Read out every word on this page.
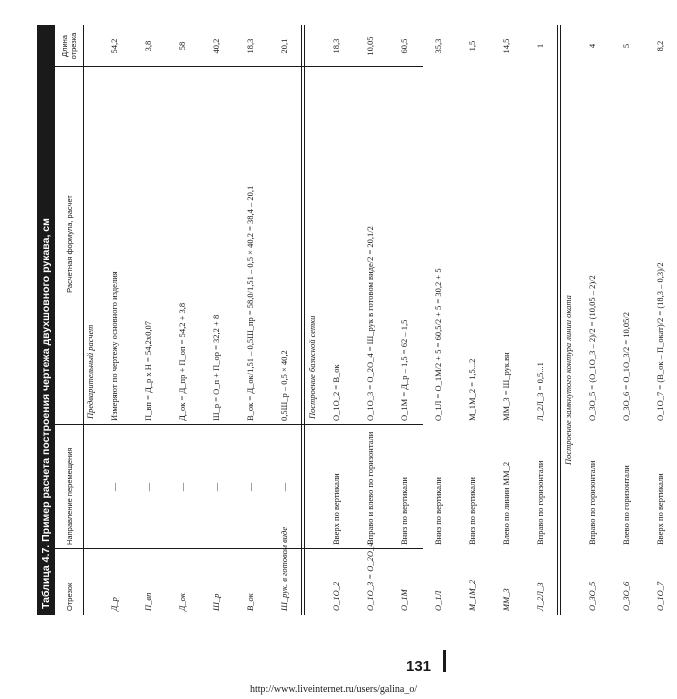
Таблица 4.7. Пример расчета построения чертежа двухшовного рукава, см	Отрезок
Направление перемещения
Расчетная формула, расчет
Длина отрезка
Предварительный расчет
Д_р
—
Измеряют по чертежу основного изделия
54,2
П_вп
—
П_вп = Д_р х Н = 54,2х0,07
3,8
Д_ок
—
Д_ок = Д_пр + П_оп = 54,2 + 3,8
58
Ш_р
—
Ш_р = О_п + П_ор = 32,2 + 8
40,2
В_ок
—
В_ок = Д_ок/1,51 – 0,5Ш_пр = 58,0/1,51 – 0,5 × 40,2 = 38,4 – 20,1
18,3
Ш_рук. в готовом виде
—
0,5Ш_р – 0,5 × 40,2
20,1
Построение базисной сетки
О_1О_2
Вверх по вертикали
О_1О_2 = В_ок
18,3
О_1О_3 = О_2О_4
Вправо и влево по горизонтали
О_1О_3 = О_2О_4 = Ш_рук в готовом виде/2 = 20,1/2
10,05
О_1М
Вниз по вертикали
О_1М = Д_р – 1,5 = 62 – 1,5
60,5
О_1Л
Вниз по вертикали
О_1Л = О_1М/2 + 5 = 60,5/2 + 5 = 30,2 + 5
35,3
М_1М_2
Вниз по вертикали
М_1М_2 = 1,5...2
1,5
ММ_3
Влево по линии ММ_2
ММ_3 = Ш_рук.вн
14,5
Л_2Л_3
Вправо по горизонтали
Л_2Л_3 = 0,5...1
1
Построение замкнутого контура линии оката
О_3О_5
Вправо по горизонтали
О_3О_5 = (О_1О_3 – 2)/2 = (10,05 – 2)/2
4
О_3О_6
Влево по горизонтали
О_3О_6 = О_1О_3/2 = 10,05/2
5
О_1О_7
Вверх по вертикали
О_1О_7 = (В_ок – П_окат)/2 = (18,3 – 0,3)/2
8,2
131
http://www.liveinternet.ru/users/galina_o/
